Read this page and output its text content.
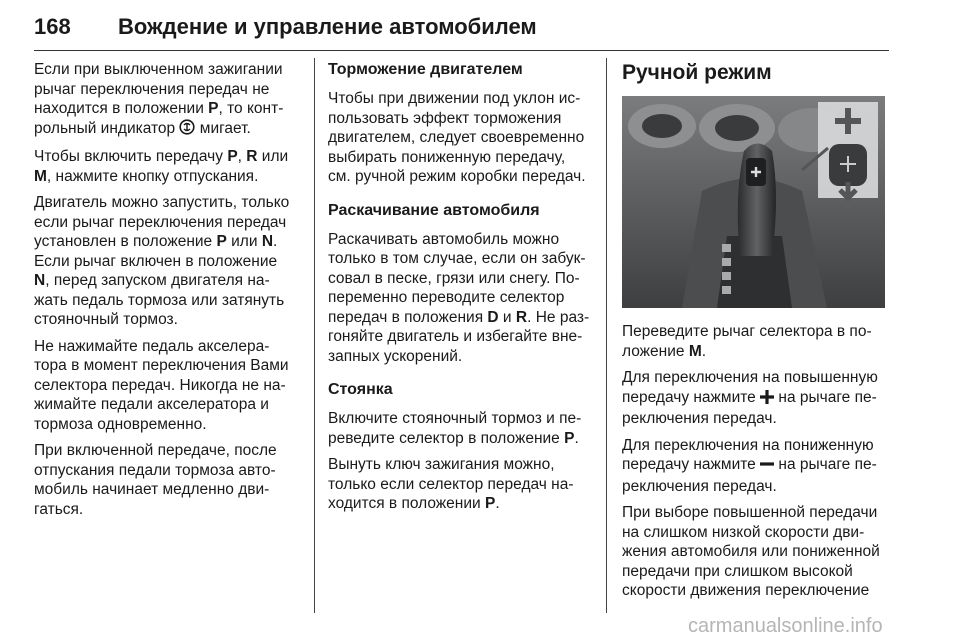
168 Вождение и управление автомобилем

Если при выключенном зажигании рычаг переключения передач не находится в положении P, то контрольный индикатор  мигает.

Чтобы включить передачу P, R или M, нажмите кнопку отпускания.

Двигатель можно запустить, только если рычаг переключения передач установлен в положение P или N. Если рычаг включен в положение N, перед запуском двигателя нажать педаль тормоза или затянуть стояночный тормоз.

Не нажимайте педаль акселератора в момент переключения Вами селектора передач. Никогда не нажимайте педали акселератора и тормоза одновременно.

При включенной передаче, после отпускания педали тормоза автомобиль начинает медленно двигаться.

Торможение двигателем

Чтобы при движении под уклон использовать эффект торможения двигателем, следует своевременно выбирать пониженную передачу, см. ручной режим коробки передач.

Раскачивание автомобиля

Раскачивать автомобиль можно только в том случае, если он забуксовал в песке, грязи или снегу. Попеременно переводите селектор передач в положения D и R. Не разгоняйте двигатель и избегайте внезапных ускорений.

Стоянка

Включите стояночный тормоз и переведите селектор в положение P.

Вынуть ключ зажигания можно, только если селектор передач находится в положении P.

Ручной режим

Переведите рычаг селектора в положение M.

Для переключения на повышенную передачу нажмите  на рычаге переключения передач.

Для переключения на пониженную передачу нажмите  на рычаге переключения передач.

При выборе повышенной передачи на слишком низкой скорости движения автомобиля или пониженной передачи при слишком высокой скорости движения переключение

carmanualsonline.info
